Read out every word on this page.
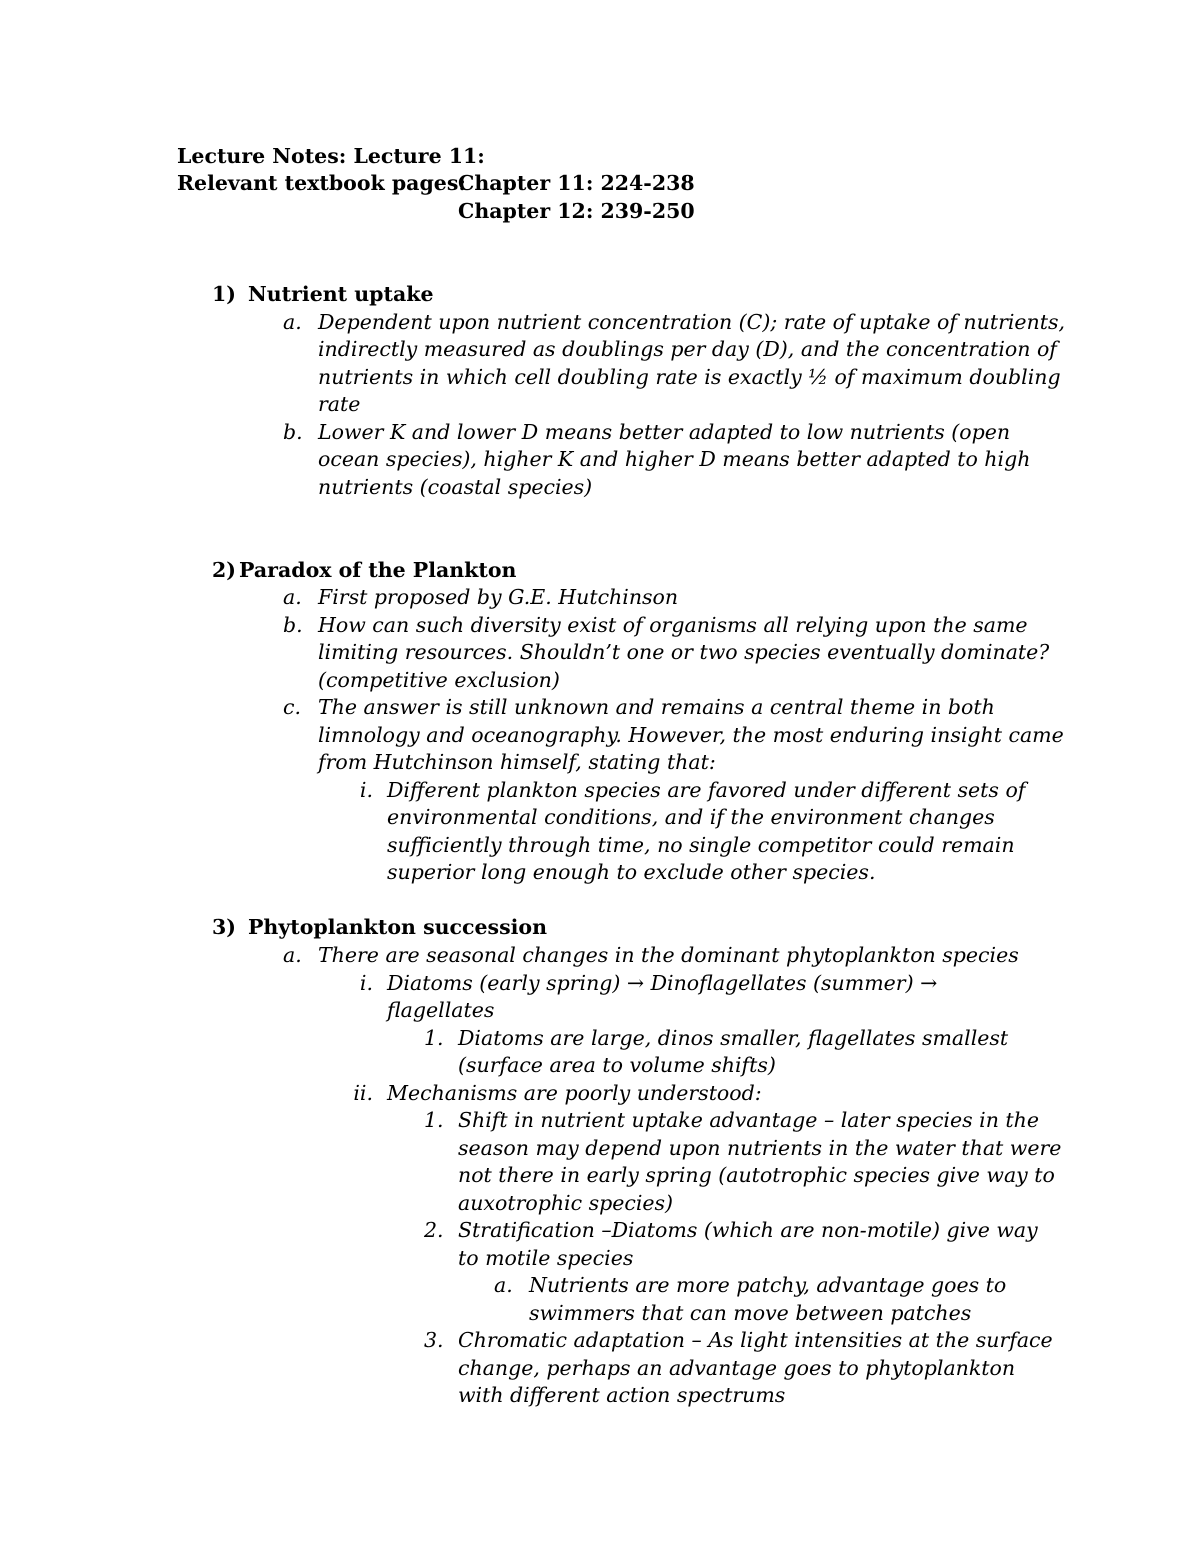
Lecture Notes: Lecture 11:
Relevant textbook pages:
Chapter 11: 224-238
Chapter 12: 239-250
1) Nutrient uptake
a. Dependent upon nutrient concentration (C); rate of uptake of nutrients,
indirectly measured as doublings per day (D), and the concentration of
nutrients in which cell doubling rate is exactly ½ of maximum doubling
rate
b. Lower K and lower D means better adapted to low nutrients (open
ocean species), higher K and higher D means better adapted to high
nutrients (coastal species)
2) Paradox of the Plankton
a. First proposed by G.E. Hutchinson
b. How can such diversity exist of organisms all relying upon the same
limiting resources. Shouldn’t one or two species eventually dominate?
(competitive exclusion)
c. The answer is still unknown and remains a central theme in both
limnology and oceanography. However, the most enduring insight came
from Hutchinson himself, stating that:
i. Different plankton species are favored under different sets of
environmental conditions, and if the environment changes
sufficiently through time, no single competitor could remain
superior long enough to exclude other species.
3) Phytoplankton succession
a. There are seasonal changes in the dominant phytoplankton species
i. Diatoms (early spring) → Dinoflagellates (summer) →
flagellates
1. Diatoms are large, dinos smaller, flagellates smallest
(surface area to volume shifts)
ii. Mechanisms are poorly understood:
1. Shift in nutrient uptake advantage – later species in the
season may depend upon nutrients in the water that were
not there in early spring (autotrophic species give way to
auxotrophic species)
2. Stratification –Diatoms (which are non-motile) give way
to motile species
a. Nutrients are more patchy, advantage goes to
swimmers that can move between patches
3. Chromatic adaptation – As light intensities at the surface
change, perhaps an advantage goes to phytoplankton
with different action spectrums
